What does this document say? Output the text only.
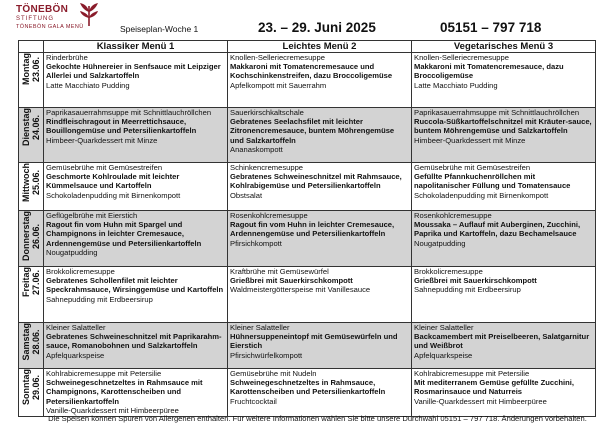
TÖNEBÖN
STIFTUNG
TÖNEBÖN GALA MENÜ	Speiseplan-Woche 1	23. – 29. Juni 2025	05151 – 797 718
	Klassiker Menü 1	Leichtes Menü 2	Vegetarisches Menü 3
Montag
23.06.	Rinderbrühe
Gekochte Hühnereier in Senfsauce mit Leipziger Allerlei und Salzkartoffeln
Latte Macchiato Pudding	Knollen-Selleriecremesuppe
Makkaroni mit Tomatencremesauce und Kochschinkenstreifen, dazu Broccoligemüse
Apfelkompott mit Sauerrahm	Knollen-Selleriecremesuppe
Makkaroni mit Tomatencremesauce, dazu Broccoligemüse
Latte Macchiato Pudding

Dienstag
24.06.	Paprikasauerrahmsuppe mit Schnittlauchröllchen
Rindfleischragout in Meerrettichsauce, Bouillongemüse und Petersilienkartoffeln
Himbeer-Quarkdessert mit Minze	Sauerkirschkaltschale
Gebratenes Seelachsfilet mit leichter Zitronencremesauce, buntem Möhrengemüse und Salzkartoffeln
Ananaskompott	Paprikasauerrahmsuppe mit Schnittlauchröllchen
Ruccola-Süßkartoffelschnitzel mit Kräuter-sauce, buntem Möhrengemüse und Salzkartoffeln
Himbeer-Quarkdessert mit Minze

Mittwoch
25.06.	Gemüsebrühe mit Gemüsestreifen
Geschmorte Kohlroulade mit leichter Kümmelsauce und Kartoffeln
Schokoladenpudding mit Birnenkompott	Schinkencremesuppe
Gebratenes Schweineschnitzel mit Rahmsauce, Kohlrabigemüse und Petersilienkartoffeln
Obstsalat	Gemüsebrühe mit Gemüsestreifen
Gefüllte Pfannkuchenröllchen mit napolitanischer Füllung und Tomatensauce
Schokoladenpudding mit Birnenkompott

Donnerstag
26.06.	Geflügelbrühe mit Eierstich
Ragout fin vom Huhn mit Spargel und Champignons in leichter Cremesauce, Ardennengemüse und Petersilienkartoffeln
Nougatpudding	Rosenkohlcremesuppe
Ragout fin vom Huhn in leichter Cremesauce, Ardennengemüse und Petersilienkartoffeln
Pfirsichkompott	Rosenkohlcremesuppe
Moussaka – Auflauf mit Auberginen, Zucchini, Paprika und Kartoffeln, dazu Bechamelsauce
Nougatpudding

Freitag
27.06.	Brokkolicremesuppe
Gebratenes Schollenfilet mit leichter Speckrahmsauce, Wirsinggemüse und Kartoffeln
Sahnepudding mit Erdbeersirup	Kraftbrühe mit Gemüsewürfel
Grießbrei mit Sauerkirschkompott
Waldmeistergötterspeise mit Vanillesauce	Brokkolicremesuppe
Grießbrei mit Sauerkirschkompott
Sahnepudding mit Erdbeersirup

Samstag
28.06.	Kleiner Salatteller
Gebratenes Schweineschnitzel mit Paprikarahm-sauce, Romanobohnen und Salzkartoffeln
Apfelquarkspeise	Kleiner Salatteller
Hühnersuppeneintopf mit Gemüsewürfeln und Eierstich
Pfirsichwürfelkompott	Kleiner Salatteller
Backcamembert mit Preiselbeeren, Salatgarnitur und Weißbrot
Apfelquarkspeise

Sonntag
29.06.	Kohlrabicremesuppe mit Petersilie
Schweinegeschnetzeltes in Rahmsauce mit Champignons, Karottenscheiben und Petersilienkartoffeln
Vanille-Quarkdessert mit Himbeerpüree	Gemüsebrühe mit Nudeln
Schweinegeschnetzeltes in Rahmsauce, Karottenscheiben und Petersilienkartoffeln
Fruchtcocktail	Kohlrabicremesuppe mit Petersilie
Mit mediterranem Gemüse gefüllte Zucchini, Rosmarinsauce und Naturreis
Vanille-Quarkdessert mit Himbeerpüree
Die Speisen können Spuren von Allergenen enthalten. Für weitere Informationen wählen Sie bitte unsere Durchwahl 05151 – 797 718. Änderungen vorbehalten.
